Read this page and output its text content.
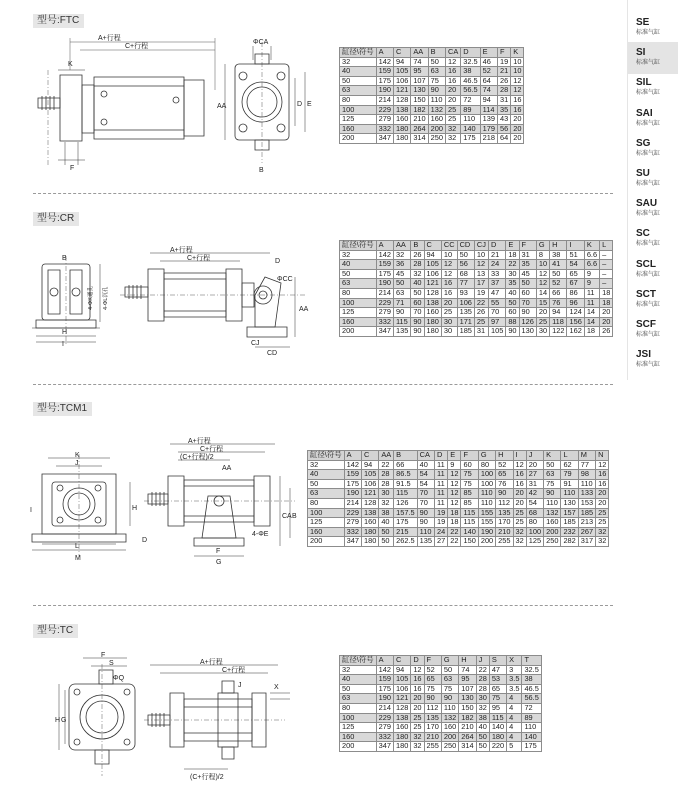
SE
标准气缸
SI
标准气缸
SIL
标准气缸
SAI
标准气缸
SG
标准气缸
SU
标准气缸
SAU
标准气缸
SC
标准气缸
SCL
标准气缸
SCT
标准气缸
SCF
标准气缸
JSI
标准气缸
型号:FTC
A+行程
C+行程
K
F
ΦCA
AA	D E
B
缸径\符号	A	C	AA	B	CA	D	E	F	K
32	142	94	74	50	12	32.5	46	19	10
40	159	105	95	63	16	38	52	21	10
50	175	106	107	75	16	46.5	64	26	12
63	190	121	130	90	20	56.5	74	28	12
80	214	128	150	110	20	72	94	31	16
100	229	138	182	132	25	89	114	35	16
125	279	160	210	160	25	110	139	43	20
160	332	180	264	200	32	140	179	56	20
200	347	180	314	250	32	175	218	64	20
型号:CR
B
H
I
4-ΦK通孔	4-ΦL沉孔
A+行程
C+行程	D
ΦCC
AA
CJ
CD
缸径\符号	A	AA	B	C	CC	CD	CJ	D	E	F	G	H	I	K	L
32	142	32	26	94	10	50	10	21	18	31	8	38	51	6.6	–
40	159	36	28	105	12	56	12	24	22	35	10	41	54	6.6	–
50	175	45	32	106	12	68	13	33	30	45	12	50	65	9	–
63	190	50	40	121	16	77	17	37	35	50	12	52	67	9	–
80	214	63	50	128	16	93	19	47	40	60	14	66	86	11	18
100	229	71	60	138	20	106	22	55	50	70	15	76	96	11	18
125	279	90	70	160	25	135	26	70	60	90	20	94	124	14	20
160	332	115	90	180	30	171	25	97	88	126	25	118	156	14	20
200	347	135	90	180	30	185	31	105	90	130	30	122	162	18	26
型号:TCM1
K
J
I	H
L
M
A+行程
C+行程
(C+行程)/2
AA
D
4-ΦE
CA B
F
G
缸径\符号	A	C	AA	B	CA	D	E	F	G	H	I	J	K	L	M	N
32	142	94	22	66	40	11	9	60	80	52	12	20	50	62	77	12
40	159	105	28	86.5	54	11	12	75	100	65	16	27	63	79	98	16
50	175	106	28	91.5	54	11	12	75	100	76	16	31	75	91	110	16
63	190	121	30	115	70	11	12	85	110	90	20	42	90	110	133	20
80	214	128	32	126	70	11	12	85	110	112	20	54	110	130	153	20
100	229	138	38	157.5	90	19	18	115	155	135	25	68	132	157	185	25
125	279	160	40	175	90	19	18	115	155	170	25	80	160	185	213	25
160	332	180	50	215	110	24	22	140	190	210	32	100	200	232	267	32
200	347	180	50	262.5	135	27	22	150	200	255	32	125	250	282	317	32
型号:TC
F
S
ΦQ
H G
A+行程
C+行程
J	X
(C+行程)/2
缸径\符号	A	C	D	F	G	H	J	S	X	T
32	142	94	12	52	50	74	22	47	3	32.5
40	159	105	16	65	63	95	28	53	3.5	38
50	175	106	16	75	75	107	28	65	3.5	46.5
63	190	121	20	90	90	130	30	75	4	56.5
80	214	128	20	112	110	150	32	95	4	72
100	229	138	25	135	132	182	38	115	4	89
125	279	160	25	170	160	210	40	140	4	110
160	332	180	32	210	200	264	50	180	4	140
200	347	180	32	255	250	314	50	220	5	175
